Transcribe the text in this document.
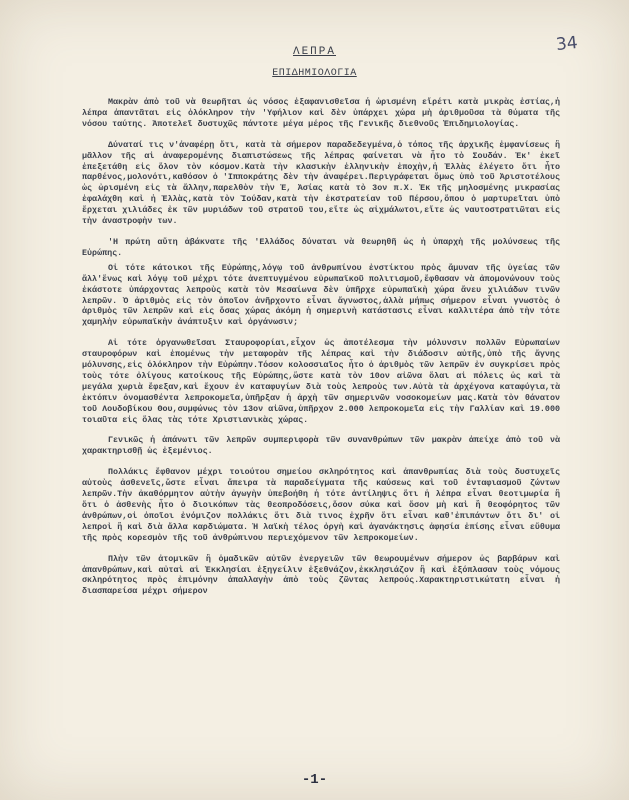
34
ΛΕΠΡΑ
ΕΠΙΔΗΜΙΟΛΟΓΙΑ

Μακρὰν ἀπὸ τοῦ νὰ θεωρῆται ὡς νόσος ἐξαφανισθεῖσα ἡ ὠρισμένη εἴρέτι κατὰ μικρὰς ἑστίας,ἡ λέπρα ἀπαντᾶται εἰς ὁλόκληρον τὴν 'Υφήλιον καὶ δὲν ὑπάρχει χώρα μὴ ἀριθμοῦσα τὰ θύματα τῆς νόσου ταύτης. Ἀποτελεῖ δυστυχῶς πάντοτε μέγα μέρος τῆς Γενικῆς διεθνοῦς Ἐπιδημιολογίας.

Δύναταί τις ν'ἀναφέρῃ ὅτι, κατὰ τὰ σήμερον παραδεδεγμένα,ὁ τόπος τῆς ἀρχικῆς ἐμφανίσεως ἢ μᾶλλον τῆς αἱ ἀναφερομένης διαπιστώσεως τῆς λέπρας φαίνεται νὰ ἦτο τὸ Σουδάν. Ἐκ' ἐκεῖ ἐπεξετάθη εἰς ὅλον τὸν κόσμον.Κατὰ τὴν κλασικὴν ἑλληνικὴν ἐποχὴν,ἡ Ἑλλὰς ἐλέγετο ὅτι ἦτο παρθένος,μολονότι,καθόσον ὁ 'Ιπποκράτης δὲν τὴν ἀναφέρει.Περιγράφεται ὅμως ὑπὸ τοῦ Ἀριστοτέλους ὡς ὠρισμένη εἰς τὰ ἄλλην,παρελθὸν τὴν Ἑ, Ἀσίας κατὰ τὸ 3ον π.Χ. Ἐκ τῆς μηλοσμένης μικρασίας ἐφαλάχθη καὶ ἡ Ἑλλὰς,κατὰ τὸν Ἰούδαν,κατὰ τὴν ἐκστρατείαν τοῦ Πέρσου,ὅπου ὁ μαρτυρεῖται ὑπὸ ἔρχεται χιλιάδες ἐκ τῶν μυριάδων τοῦ στρατοῦ του,εἴτε ὡς αἰχμάλωτοι,εἴτε ὡς ναυτοστρατιῶται εἰς τὴν ἀναστροφὴν των.

'Η πρώτη αὕτη ἀβάκνατε τῆς 'Ελλάδος δύναται νὰ θεωρηθῆ ὡς ἡ ὑπαρχὴ τῆς μολύνσεως τῆς Εὐρώπης.

Οἱ τότε κάτοικοι τῆς Εὐρώπης,λόγῳ τοῦ ἀνθρωπίνου ἐνστίκτου πρὸς ἄμυναν τῆς ὑγείας τῶν ἄλλ'ἕνως καὶ λόγῳ τοῦ μέχρι τότε ἀνεπτυγμένου εὐρωπαϊκοῦ πολιτισμοῦ,ἔφθασαν νὰ ἀπομονώνουν τοὺς ἑκάστοτε ὑπάρχοντας λεπροὺς κατὰ τὸν Μεσαίωνα δὲν ὑπῆρχε εὐρωπαϊκὴ χώρα ἄνευ χιλιάδων τινῶν λεπρῶν. Ὁ ἀριθμὸς εἰς τὸν ὁποῖον ἀνῆρχοντο εἶναι ἄγνωστος,ἀλλὰ μήπως σήμερον εἶναι γνωστὸς ὁ ἀριθμὸς τῶν λεπρῶν καὶ εἰς ὅσας χώρας ἀκόμη ἡ σημερινὴ κατάστασις εἶναι καλλιτέρα ἀπὸ τὴν τότε χαμηλὴν εὐρωπαϊκὴν ἀνάπτυξιν καὶ ὀργάνωσιν;

Αἱ τότε ὀργανωθεῖσαι Σταυροφορίαι,εἶχον ὡς ἀποτέλεσμα τὴν μόλυνσιν πολλῶν Εὐρωπαίων σταυροφόρων καὶ ἐπομένως τὴν μεταφορὰν τῆς λέπρας καὶ τὴν διάδοσιν αὐτῆς,ὑπὸ τῆς ἄγνης μόλυνσης,εἰς ὁλόκληρον τὴν Εὐρώπην.Τόσον κολοσσιαῖος ἦτο ὁ ἀριθμὸς τῶν λεπρῶν ἐν συγκρίσει πρὸς τοὺς τότε ὀλίγους κατοίκους τῆς Εὐρώπης,ὥστε κατὰ τὸν 10ον αἰῶνα ὅλαι αἱ πόλεις ὡς καὶ τὰ μεγάλα χωριὰ ἔφεξαν,καὶ ἔχουν ἐν καταφυγίων διὰ τοὺς λεπροὺς των.Αὐτὰ τὰ ἀρχέγονα καταφύγια,τὰ ἐκτόπιν ὀνομασθέντα λεπροκομεῖα,ὑπῆρξαν ἡ ἀρχὴ τῶν σημερινῶν νοσοκομείων μας.Κατὰ τὸν θάνατον τοῦ Λουδοβίκου Θου,συμφώνως τὸν 13ον αἰῶνα,ὑπῆρχον 2.000 λεπροκομεῖα εἰς τὴν Γαλλίαν καὶ 19.000 τοιαῦτα εἰς ὅλας τὰς τότε Χριστιανικὰς χώρας.

Γενικῶς ἡ ἀπάνωτι τῶν λεπρῶν συμπεριφορὰ τῶν συνανθρώπων τῶν μακρὰν ἀπείχε ἀπὸ τοῦ νὰ χαρακτηρισθῇ ὡς ἐξεμένιος.

Πολλάκις ἔφθανον μέχρι τοιούτου σημείου σκληρότητος καὶ ἀπανθρωπίας διὰ τοὺς δυστυχεῖς αὐτοὺς ἀσθενεῖς,ὥστε εἶναι ἄπειρα τὰ παραδείγματα τῆς καύσεως καὶ τοῦ ἐνταφιασμοῦ ζώντων λεπρῶν.Τὴν ἀκαθόρμητον αὐτὴν ἀγωγὴν ὑπεβοήθη ἡ τότε ἀντίληψις ὅτι ἡ λέπρα εἶναι θεοτιμωρία ἢ ὅτι ὁ ἀσθενὴς ἦτο ὁ διοικόπων τὰς θεοπροδόσεις,ὅσον σύκα καὶ ὅσον μὴ καὶ ἢ θεοφόρητος τῶν ἀνθρώπων,οἱ ὁποῖοι ἐνόμιζον πολλάκις ὅτι διὰ τινος ἐχρῆν ὅτι εἶναι καθ'ἐπιπάντων ὅτι δι' οἱ λεπροὶ ἢ καὶ διὰ ἄλλα καρδιώματα. Ἡ λαϊκὴ τέλος ὀργὴ καὶ ἀγανάκτησις ἀφησία ἐπίσης εἶναι εὔθυμα τῆς πρὸς κορεσμὸν τῆς τοῦ ἀνθρώπινου περιεχόμενον τῶν λεπροκομείων.

Πλὴν τῶν ἀτομικῶν ἢ ὁμαδικῶν αὐτῶν ἐνεργειῶν τῶν θεωρουμένων σήμερον ὡς βαρβάρων καὶ ἀπανθρώπων,καὶ αὐταὶ αἱ Ἐκκλησίαι ἐξηγείλιν ἐξεθνάζον,ἐκκλησιάζον ἢ καὶ ἐξόπλασαν τοὺς νόμους σκληρότητος πρὸς ἐπιμόνην ἀπαλλαγὴν ἀπὸ τοὺς ζῶντας λεπρούς.Χαρακτηριστικώτατη εἶναι ἡ διασπαρείσα μέχρι σήμερον

-1-
